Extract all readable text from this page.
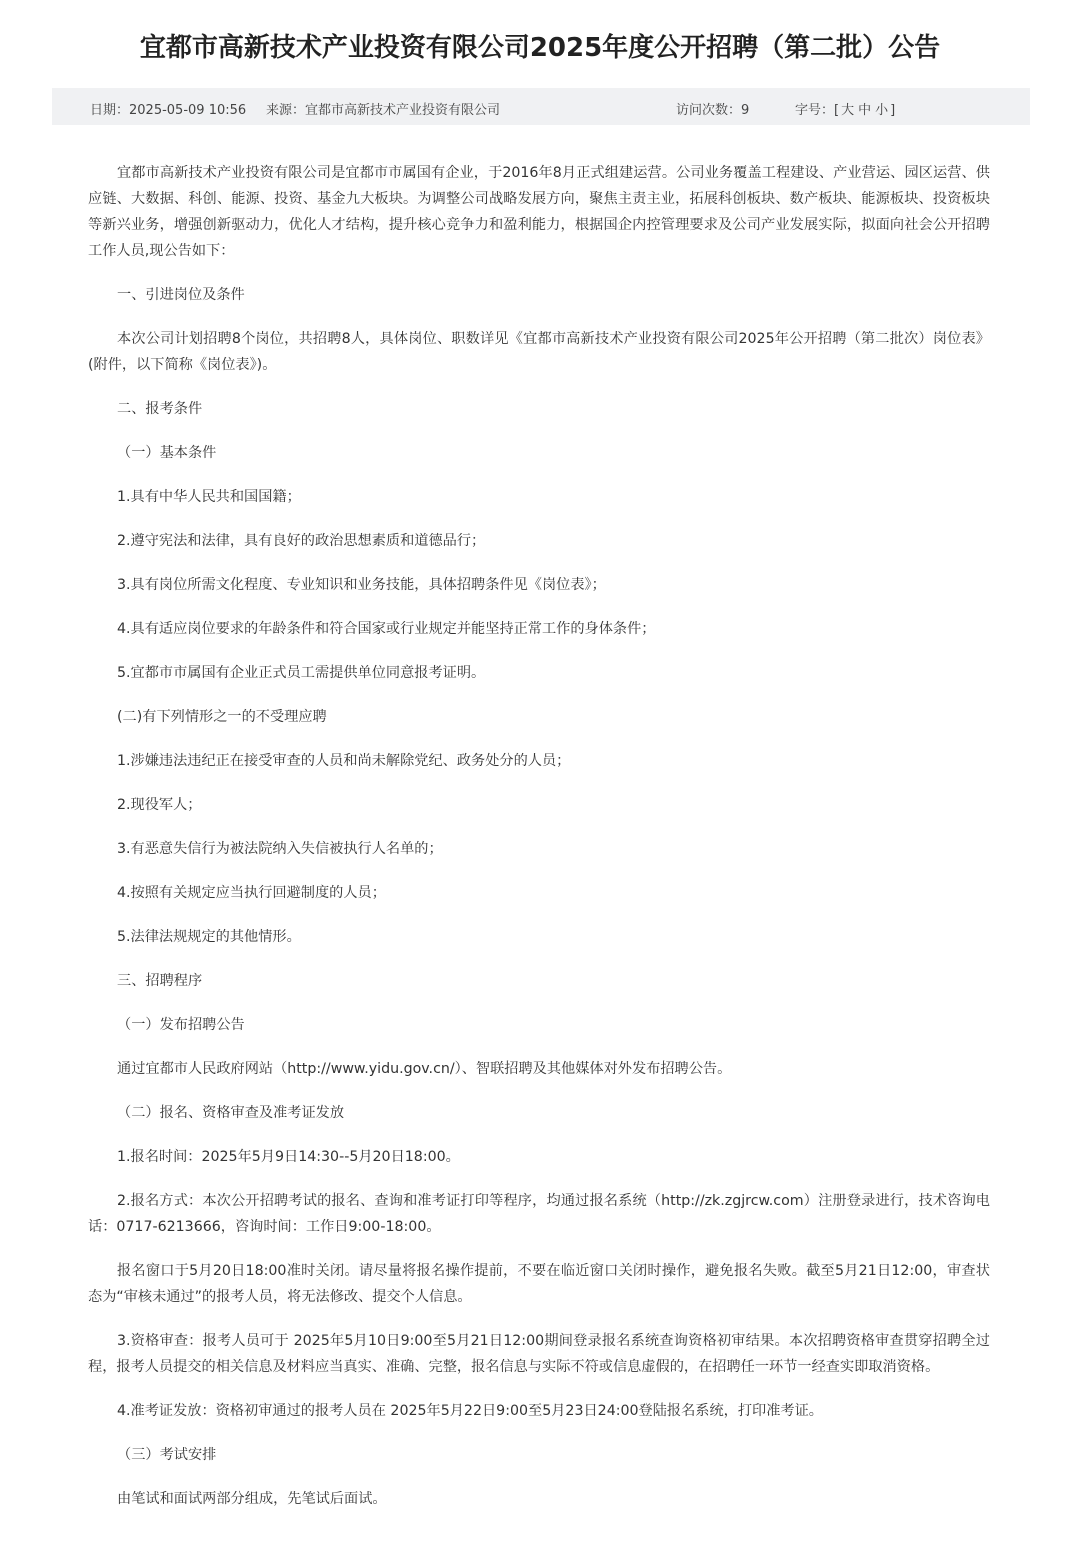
宜都市高新技术产业投资有限公司2025年度公开招聘（第二批）公告
日期：2025-05-09 10:56 来源：宜都市高新技术产业投资有限公司	访问次数：9	字号：[ 大 中 小 ]

宜都市高新技术产业投资有限公司是宜都市市属国有企业，于2016年8月正式组建运营。公司业务覆盖工程建设、产业营运、园区运营、供应链、大数据、科创、能源、投资、基金九大板块。为调整公司战略发展方向，聚焦主责主业，拓展科创板块、数产板块、能源板块、投资板块等新兴业务，增强创新驱动力，优化人才结构，提升核心竞争力和盈利能力，根据国企内控管理要求及公司产业发展实际，拟面向社会公开招聘工作人员,现公告如下：

一、引进岗位及条件

本次公司计划招聘8个岗位，共招聘8人，具体岗位、职数详见《宜都市高新技术产业投资有限公司2025年公开招聘（第二批次）岗位表》(附件，以下简称《岗位表》)。

二、报考条件

（一）基本条件

1.具有中华人民共和国国籍；

2.遵守宪法和法律，具有良好的政治思想素质和道德品行；

3.具有岗位所需文化程度、专业知识和业务技能，具体招聘条件见《岗位表》；

4.具有适应岗位要求的年龄条件和符合国家或行业规定并能坚持正常工作的身体条件；

5.宜都市市属国有企业正式员工需提供单位同意报考证明。

(二)有下列情形之一的不受理应聘

1.涉嫌违法违纪正在接受审查的人员和尚未解除党纪、政务处分的人员；

2.现役军人；

3.有恶意失信行为被法院纳入失信被执行人名单的；

4.按照有关规定应当执行回避制度的人员；

5.法律法规规定的其他情形。

三、招聘程序

（一）发布招聘公告

通过宜都市人民政府网站（http://www.yidu.gov.cn/）、智联招聘及其他媒体对外发布招聘公告。

（二）报名、资格审查及准考证发放

1.报名时间：2025年5月9日14:30--5月20日18:00。

2.报名方式：本次公开招聘考试的报名、查询和准考证打印等程序，均通过报名系统（http://zk.zgjrcw.com）注册登录进行，技术咨询电话：0717-6213666，咨询时间：工作日9:00-18:00。

报名窗口于5月20日18:00准时关闭。请尽量将报名操作提前，不要在临近窗口关闭时操作，避免报名失败。截至5月21日12:00，审查状态为“审核未通过”的报考人员，将无法修改、提交个人信息。

3.资格审查：报考人员可于 2025年5月10日9:00至5月21日12:00期间登录报名系统查询资格初审结果。本次招聘资格审查贯穿招聘全过程，报考人员提交的相关信息及材料应当真实、准确、完整，报名信息与实际不符或信息虚假的，在招聘任一环节一经查实即取消资格。

4.准考证发放：资格初审通过的报考人员在 2025年5月22日9:00至5月23日24:00登陆报名系统，打印准考证。

（三）考试安排

由笔试和面试两部分组成，先笔试后面试。
